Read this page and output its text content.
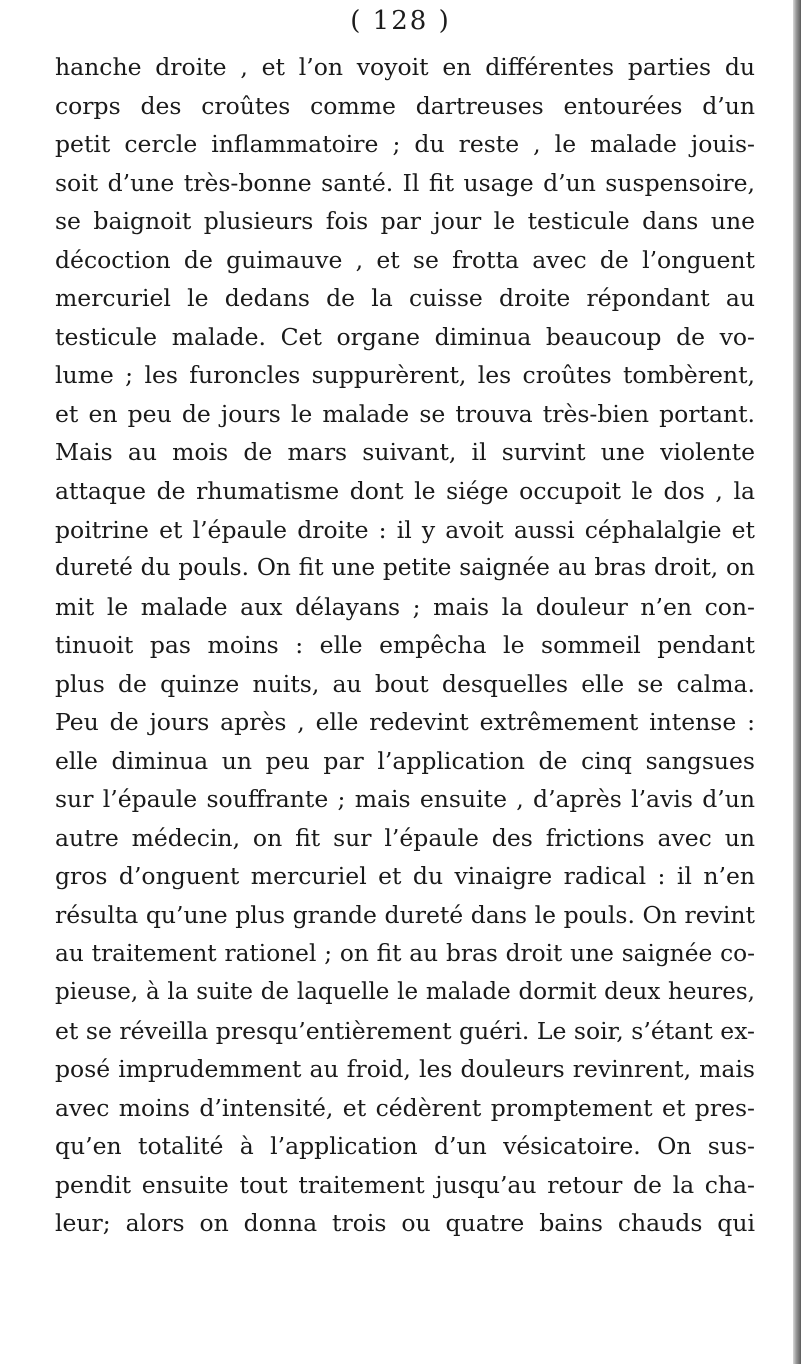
( 128 )
hanche droite , et l’on voyoit en différentes parties du
corps des croûtes comme dartreuses entourées d’un
petit cercle inflammatoire ; du reste , le malade jouis-
soit d’une très-bonne santé. Il fit usage d’un suspensoire,
se baignoit plusieurs fois par jour le testicule dans une
décoction de guimauve , et se frotta avec de l’onguent
mercuriel le dedans de la cuisse droite répondant au
testicule malade. Cet organe diminua beaucoup de vo-
lume ; les furoncles suppurèrent, les croûtes tombèrent,
et en peu de jours le malade se trouva très-bien portant.
Mais au mois de mars suivant, il survint une violente
attaque de rhumatisme dont le siége occupoit le dos , la
poitrine et l’épaule droite : il y avoit aussi céphalalgie et
dureté du pouls. On fit une petite saignée au bras droit, on
mit le malade aux délayans ; mais la douleur n’en con-
tinuoit pas moins : elle empêcha le sommeil pendant
plus de quinze nuits, au bout desquelles elle se calma.
Peu de jours après , elle redevint extrêmement intense :
elle diminua un peu par l’application de cinq sangsues
sur l’épaule souffrante ; mais ensuite , d’après l’avis d’un
autre médecin, on fit sur l’épaule des frictions avec un
gros d’onguent mercuriel et du vinaigre radical : il n’en
résulta qu’une plus grande dureté dans le pouls. On revint
au traitement rationel ; on fit au bras droit une saignée co-
pieuse, à la suite de laquelle le malade dormit deux heures,
et se réveilla presqu’entièrement guéri. Le soir, s’étant ex-
posé imprudemment au froid, les douleurs revinrent, mais
avec moins d’intensité, et cédèrent promptement et pres-
qu’en totalité à l’application d’un vésicatoire. On sus-
pendit ensuite tout traitement jusqu’au retour de la cha-
leur; alors on donna trois ou quatre bains chauds qui
